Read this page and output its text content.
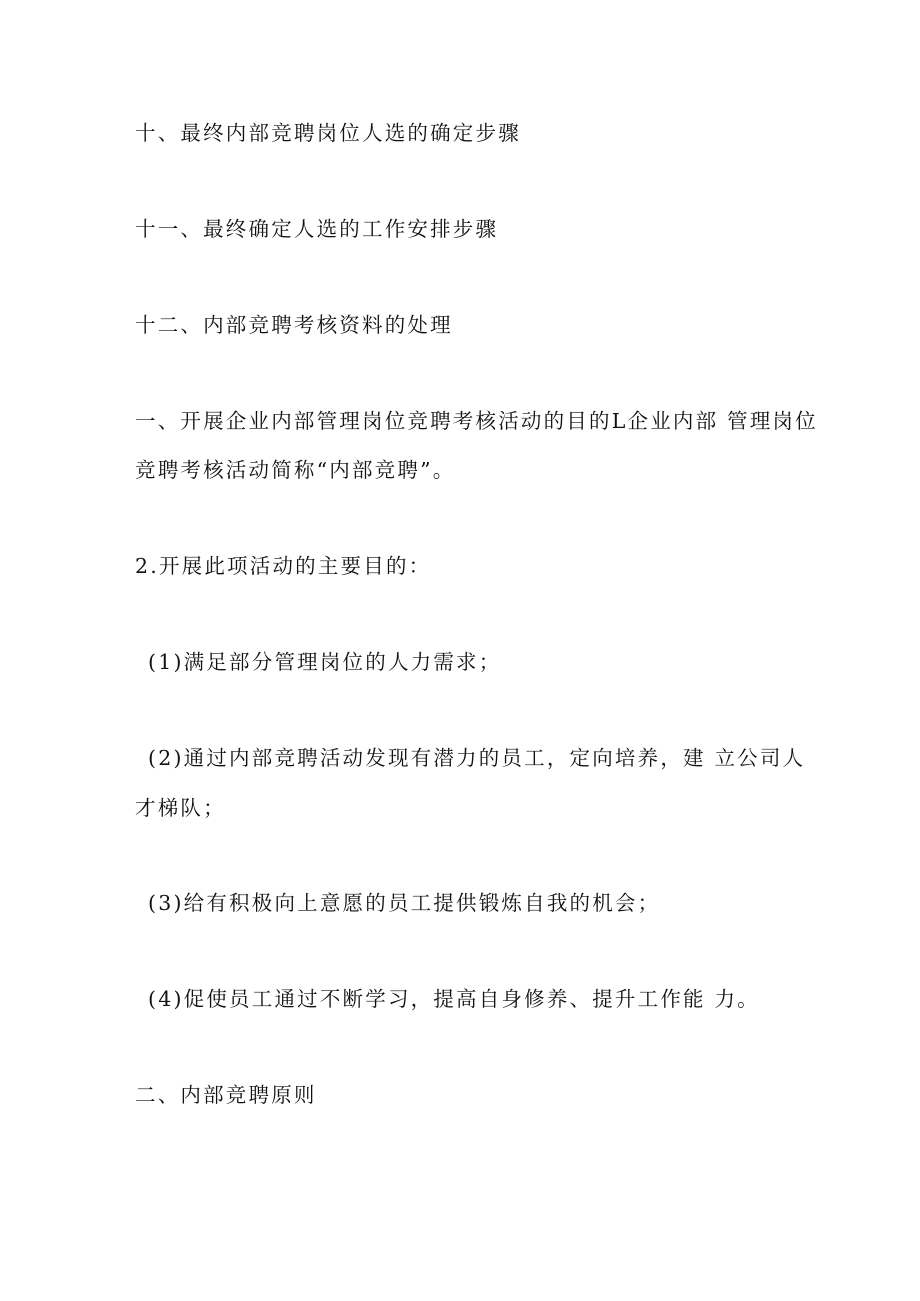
十、最终内部竞聘岗位人选的确定步骤
十一、最终确定人选的工作安排步骤
十二、内部竞聘考核资料的处理
一、开展企业内部管理岗位竞聘考核活动的目的L企业内部 管理岗位
竞聘考核活动简称“内部竞聘”。
2.开展此项活动的主要目的：
(1)满足部分管理岗位的人力需求；
(2)通过内部竞聘活动发现有潜力的员工，定向培养，建 立公司人
才梯队；
(3)给有积极向上意愿的员工提供锻炼自我的机会；
(4)促使员工通过不断学习，提高自身修养、提升工作能 力。
二、内部竞聘原则
